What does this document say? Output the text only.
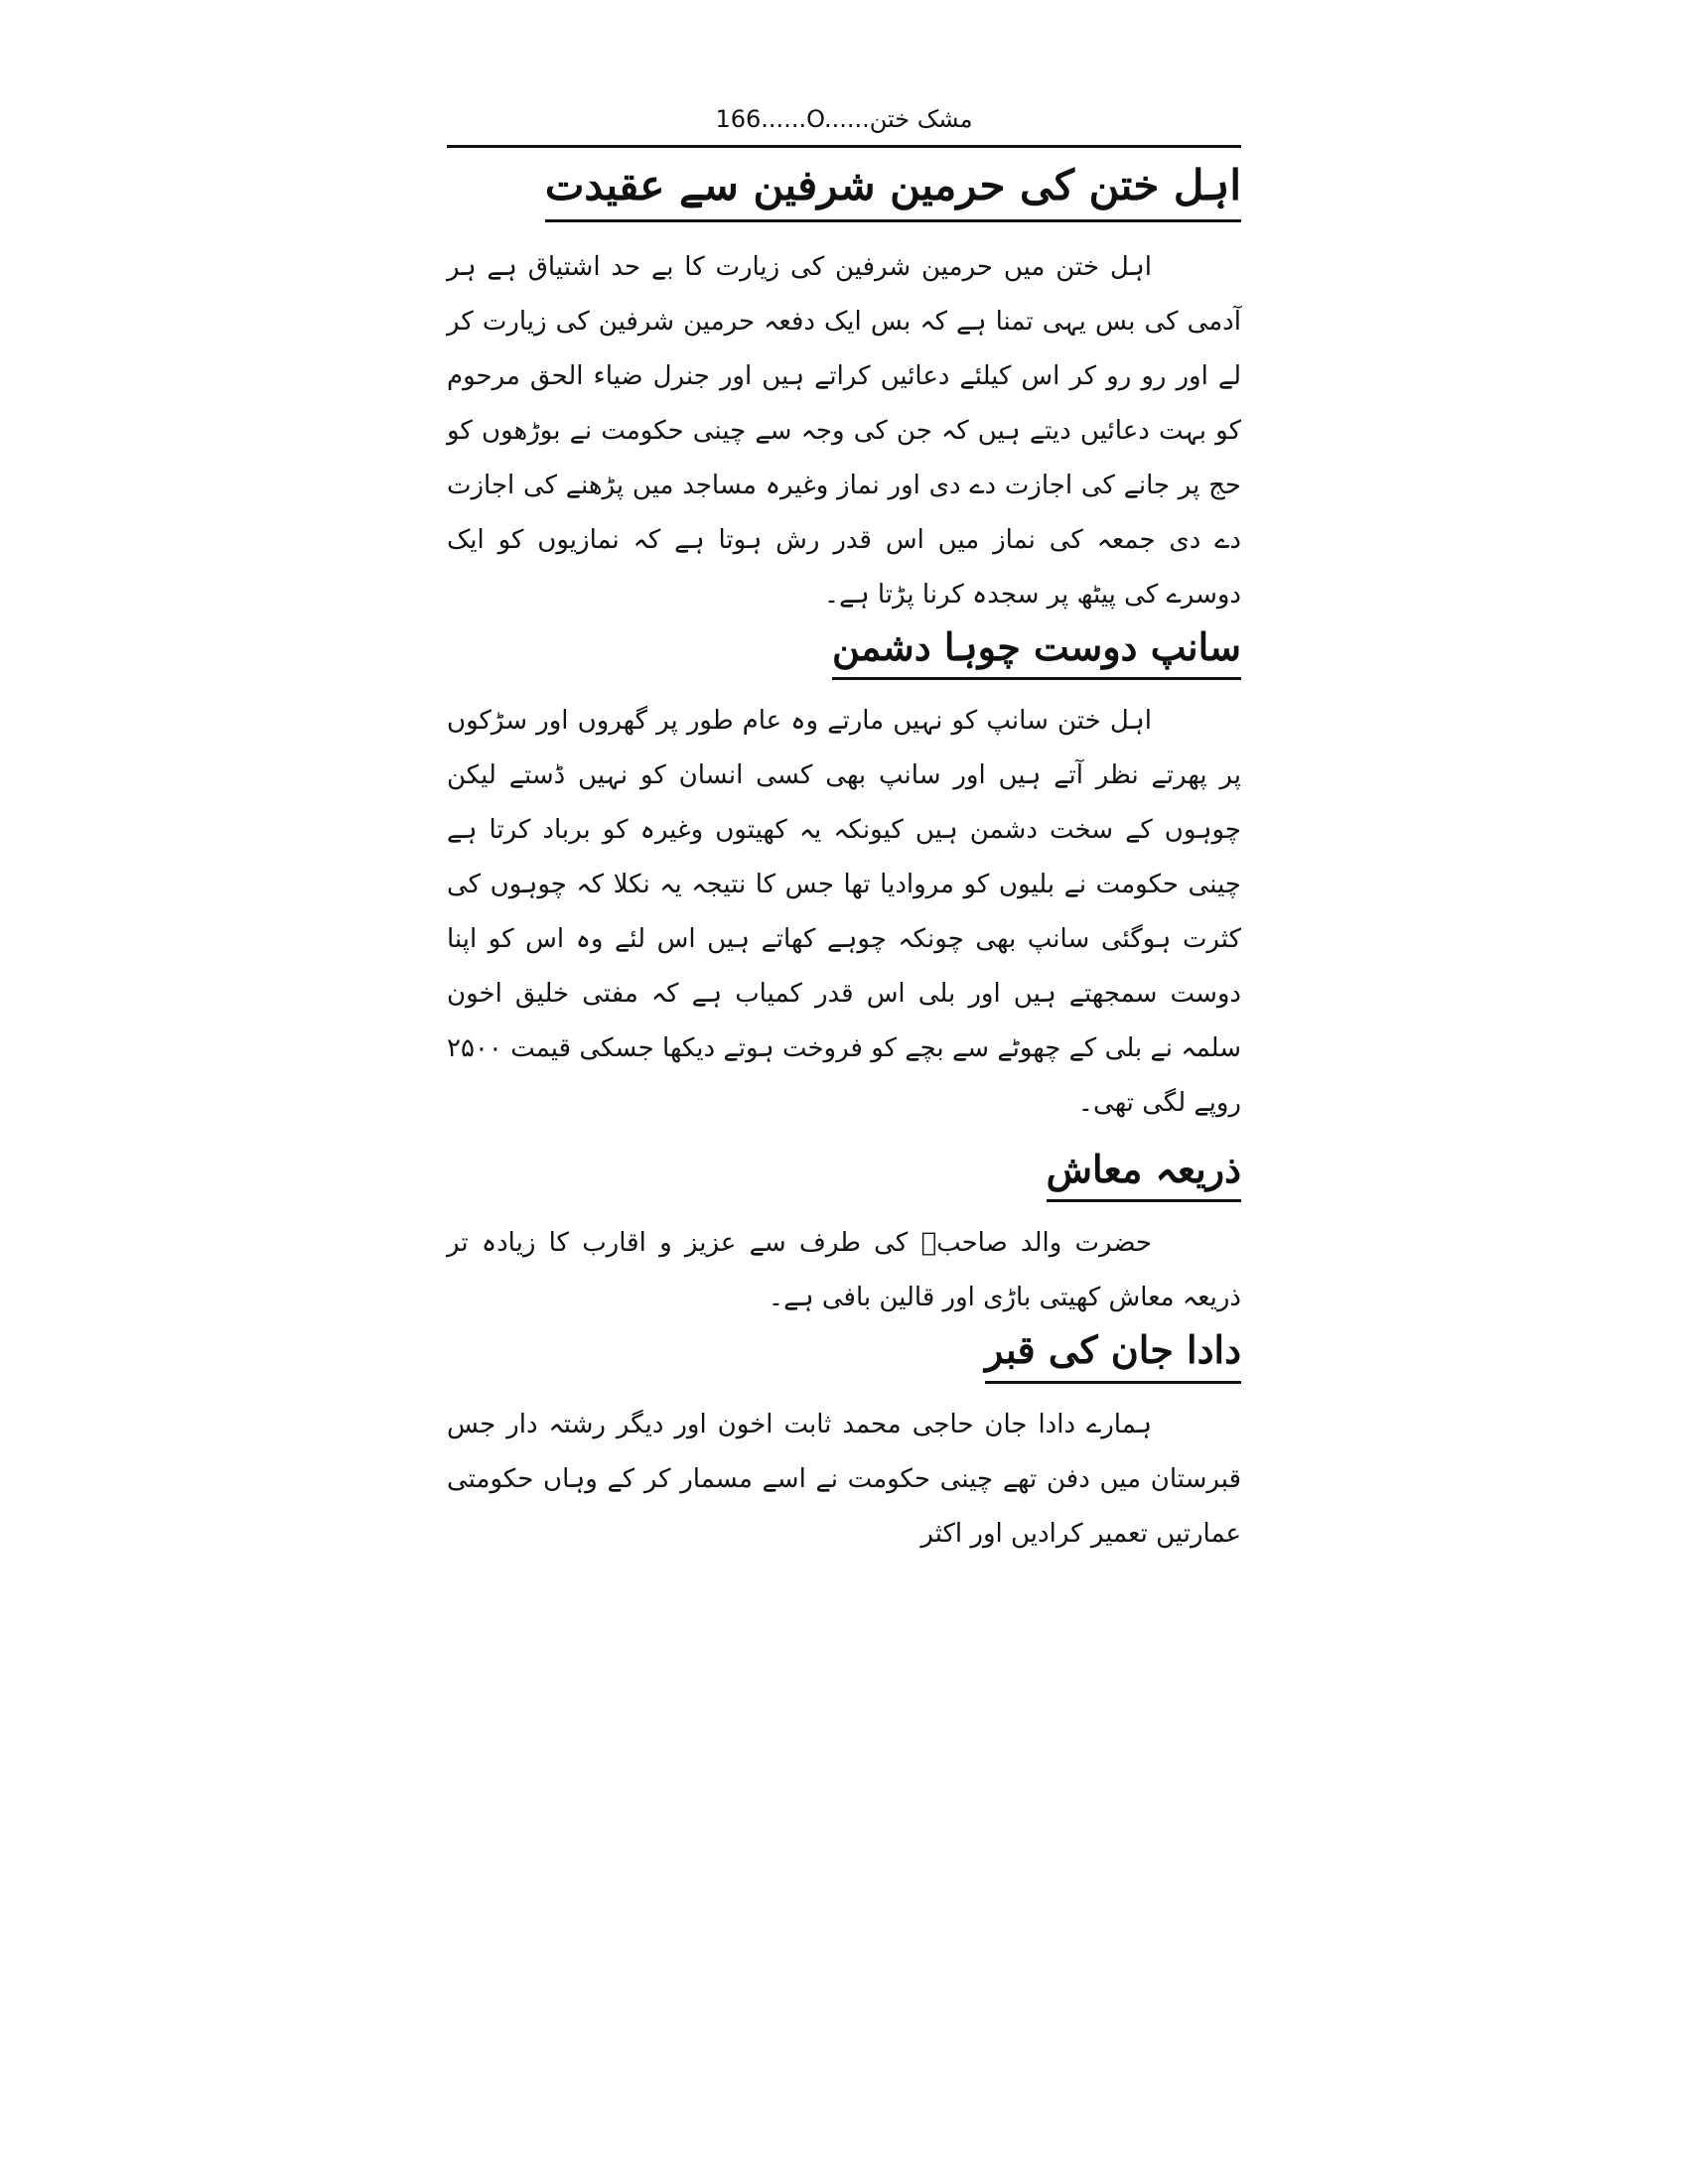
166......O......مشک ختن
اہل ختن کی حرمین شرفین سے عقیدت

اہل ختن میں حرمین شرفین کی زیارت کا بے حد اشتیاق ہے ہر آدمی کی بس یہی تمنا ہے کہ بس ایک دفعہ حرمین شرفین کی زیارت کر لے اور رو رو کر اس کیلئے دعائیں کراتے ہیں اور جنرل ضیاء الحق مرحوم کو بہت دعائیں دیتے ہیں کہ جن کی وجہ سے چینی حکومت نے بوڑھوں کو حج پر جانے کی اجازت دے دی اور نماز وغیرہ مساجد میں پڑھنے کی اجازت دے دی جمعہ کی نماز میں اس قدر رش ہوتا ہے کہ نمازیوں کو ایک دوسرے کی پیٹھ پر سجدہ کرنا پڑتا ہے۔

سانپ دوست چوہا دشمن

اہل ختن سانپ کو نہیں مارتے وہ عام طور پر گھروں اور سڑکوں پر پھرتے نظر آتے ہیں اور سانپ بھی کسی انسان کو نہیں ڈستے لیکن چوہوں کے سخت دشمن ہیں کیونکہ یہ کھیتوں وغیرہ کو برباد کرتا ہے چینی حکومت نے بلیوں کو مروادیا تھا جس کا نتیجہ یہ نکلا کہ چوہوں کی کثرت ہوگئی سانپ بھی چونکہ چوہے کھاتے ہیں اس لئے وہ اس کو اپنا دوست سمجھتے ہیں اور بلی اس قدر کمیاب ہے کہ مفتی خلیق اخون سلمہ نے بلی کے چھوٹے سے بچے کو فروخت ہوتے دیکھا جسکی قیمت ۲۵۰۰ روپے لگی تھی۔

ذریعہ معاش

حضرت والد صاحبؒ کی طرف سے عزیز و اقارب کا زیادہ تر ذریعہ معاش کھیتی باڑی اور قالین بافی ہے۔

دادا جان کی قبر

ہمارے دادا جان حاجی محمد ثابت اخون اور دیگر رشتہ دار جس قبرستان میں دفن تھے چینی حکومت نے اسے مسمار کر کے وہاں حکومتی عمارتیں تعمیر کرادیں اور اکثر
